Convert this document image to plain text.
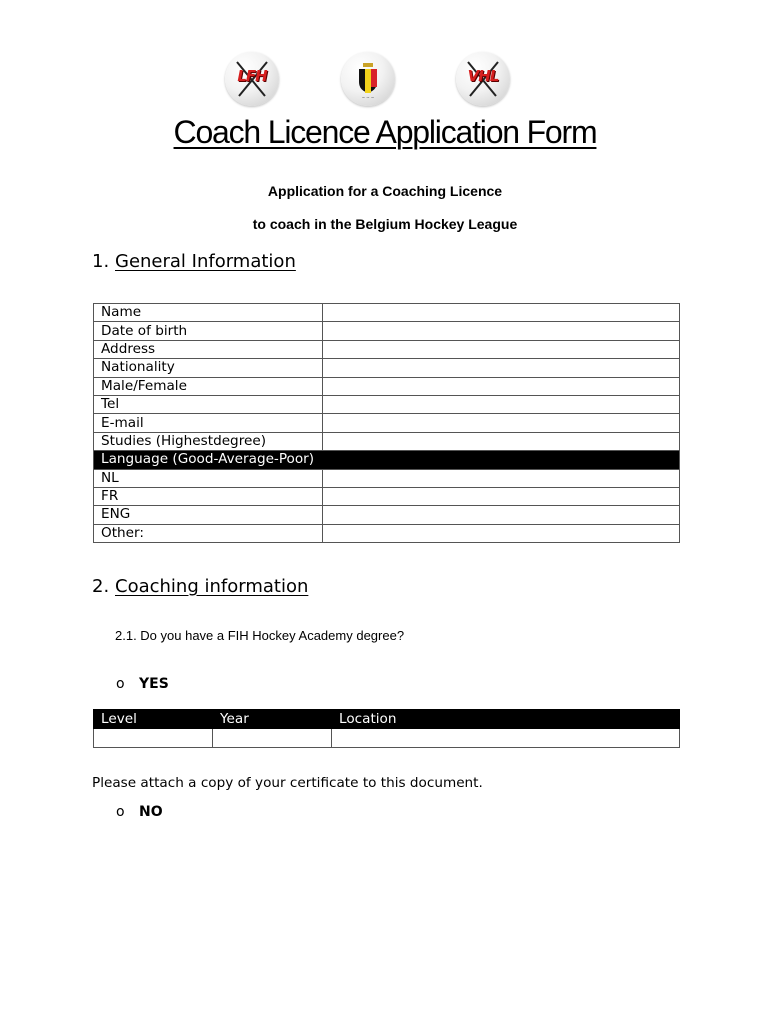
LFH
~ ~ ~
VHL
Coach Licence Application Form
Application for a Coaching Licence
to coach in the Belgium Hockey League
1. General Information
Name	
Date of birth	
Address	
Nationality	
Male/Female	
Tel	
E-mail	
Studies (Highestdegree)	
Language (Good-Average-Poor)	
NL	
FR	
ENG	
Other:	
2. Coaching information
2.1. Do you have a FIH Hockey Academy degree?
o YES
Level	Year	Location

Please attach a copy of your certificate to this document.
o NO
